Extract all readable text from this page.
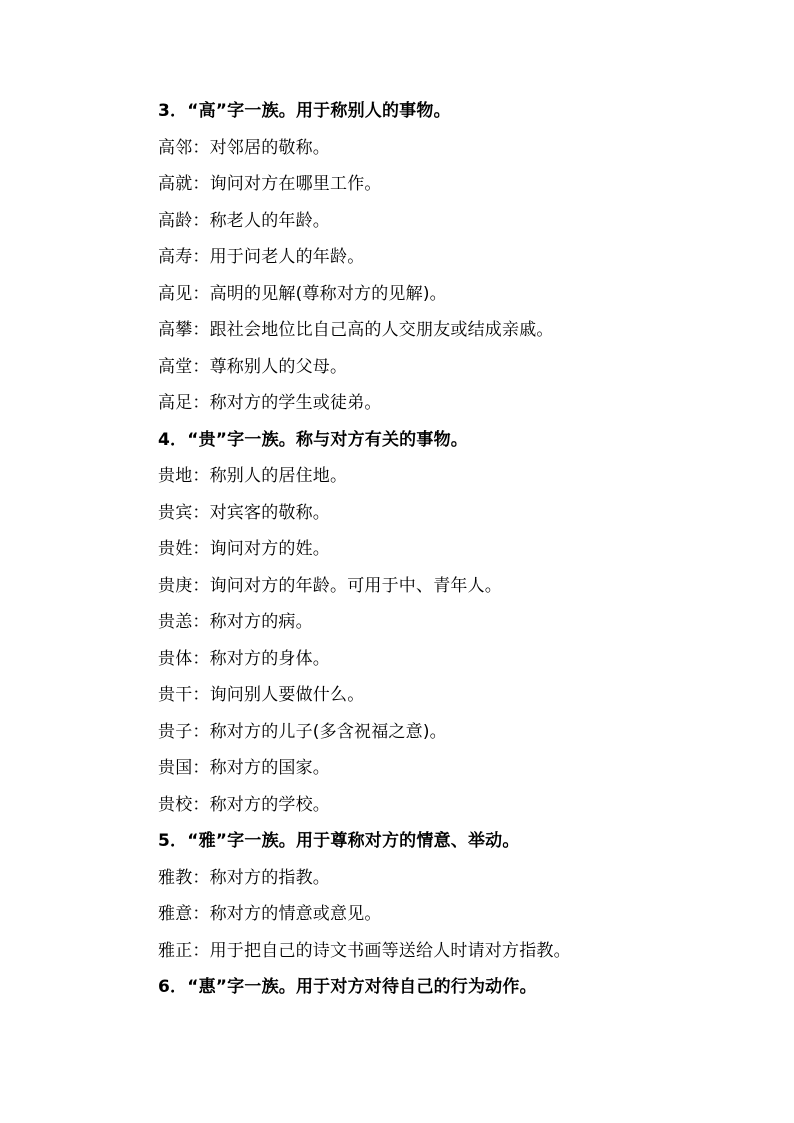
3．“高”字一族。用于称别人的事物。
高邻：对邻居的敬称。
高就：询问对方在哪里工作。
高龄：称老人的年龄。
高寿：用于问老人的年龄。
高见：高明的见解(尊称对方的见解)。
高攀：跟社会地位比自己高的人交朋友或结成亲戚。
高堂：尊称别人的父母。
高足：称对方的学生或徒弟。
4．“贵”字一族。称与对方有关的事物。
贵地：称别人的居住地。
贵宾：对宾客的敬称。
贵姓：询问对方的姓。
贵庚：询问对方的年龄。可用于中、青年人。
贵恙：称对方的病。
贵体：称对方的身体。
贵干：询问别人要做什么。
贵子：称对方的儿子(多含祝福之意)。
贵国：称对方的国家。
贵校：称对方的学校。
5．“雅”字一族。用于尊称对方的情意、举动。
雅教：称对方的指教。
雅意：称对方的情意或意见。
雅正：用于把自己的诗文书画等送给人时请对方指教。
6．“惠”字一族。用于对方对待自己的行为动作。
